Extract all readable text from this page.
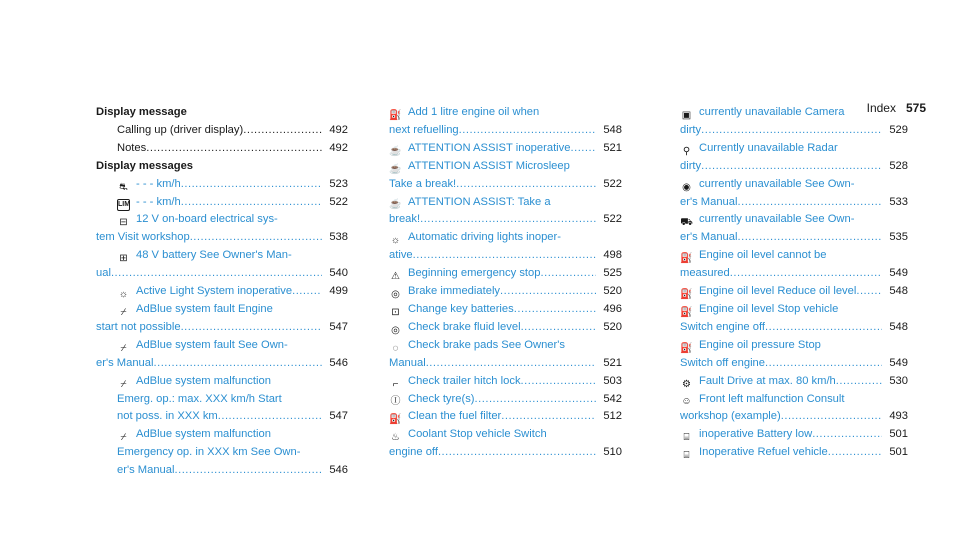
Index 575
Display message
Calling up (driver display) .....	492
Notes .....	492
Display messages
⛐ - - - km/h .....	523
LIM - - - km/h .....	522
⊟ 12 V on-board electrical sys-
tem Visit workshop .....	538
⊞ 48 V battery See Owner's Man-
ual .....	540
☼ Active Light System inoperative .....	499
⌿ AdBlue system fault Engine
start not possible .....	547
⌿ AdBlue system fault See Own-
er's Manual .....	546
⌿ AdBlue system malfunction
Emerg. op.: max. XXX km/h Start
not poss. in XXX km .....	547
⌿ AdBlue system malfunction
Emergency op. in XXX km See Own-
er's Manual .....	546
⛽ Add 1 litre engine oil when
next refuelling .....	548
☕ ATTENTION ASSIST inoperative .....	521
☕ ATTENTION ASSIST Microsleep
Take a break! .....	522
☕ ATTENTION ASSIST: Take a
break! .....	522
☼ Automatic driving lights inoper-
ative .....	498
⚠ Beginning emergency stop .....	525
◎ Brake immediately .....	520
⊡ Change key batteries .....	496
◎ Check brake fluid level .....	520
◌ Check brake pads See Owner's
Manual .....	521
⌐ Check trailer hitch lock .....	503
Ⓘ Check tyre(s) .....	542
⛽ Clean the fuel filter .....	512
♨ Coolant Stop vehicle Switch
engine off .....	510
▣ currently unavailable Camera
dirty .....	529
⚲ Currently unavailable Radar
dirty .....	528
◉ currently unavailable See Own-
er's Manual .....	533
⛟ currently unavailable See Own-
er's Manual .....	535
⛽ Engine oil level cannot be
measured .....	549
⛽ Engine oil level Reduce oil level .....	548
⛽ Engine oil level Stop vehicle
Switch engine off .....	548
⛽ Engine oil pressure Stop
Switch off engine .....	549
⚙ Fault Drive at max. 80 km/h .....	530
☺ Front left malfunction Consult
workshop (example) .....	493
⌸ inoperative Battery low .....	501
⌸ Inoperative Refuel vehicle .....	501
